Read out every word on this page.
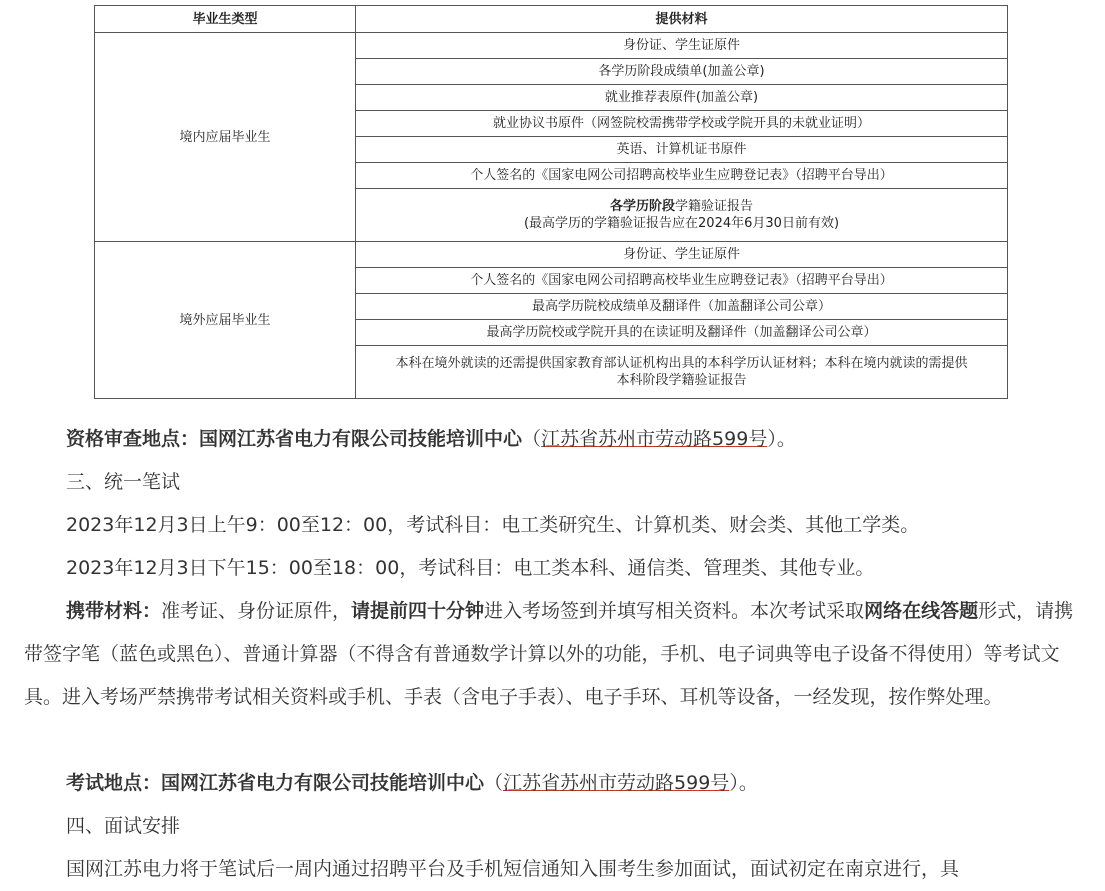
毕业生类型	提供材料
境内应届毕业生	身份证、学生证原件
	各学历阶段成绩单(加盖公章)
	就业推荐表原件(加盖公章)
	就业协议书原件（网签院校需携带学校或学院开具的未就业证明）
	英语、计算机证书原件
	个人签名的《国家电网公司招聘高校毕业生应聘登记表》（招聘平台导出）

	各学历阶段学籍验证报告
(最高学历的学籍验证报告应在2024年6月30日前有效)

境外应届毕业生	身份证、学生证原件
	个人签名的《国家电网公司招聘高校毕业生应聘登记表》（招聘平台导出）
	最高学历院校成绩单及翻译件（加盖翻译公司公章）
	最高学历院校或学院开具的在读证明及翻译件（加盖翻译公司公章）

	本科在境外就读的还需提供国家教育部认证机构出具的本科学历认证材料；本科在境内就读的需提供
本科阶段学籍验证报告
资格审查地点：国网江苏省电力有限公司技能培训中心（江苏省苏州市劳动路599号）。
三、统一笔试
2023年12月3日上午9：00至12：00，考试科目：电工类研究生、计算机类、财会类、其他工学类。
2023年12月3日下午15：00至18：00，考试科目：电工类本科、通信类、管理类、其他专业。
携带材料：准考证、身份证原件，请提前四十分钟进入考场签到并填写相关资料。本次考试采取网络在线答题形式，请携带签字笔（蓝色或黑色）、普通计算器（不得含有普通数学计算以外的功能，手机、电子词典等电子设备不得使用）等考试文具。进入考场严禁携带考试相关资料或手机、手表（含电子手表）、电子手环、耳机等设备，一经发现，按作弊处理。
考试地点：国网江苏省电力有限公司技能培训中心（江苏省苏州市劳动路599号）。
四、面试安排
国网江苏电力将于笔试后一周内通过招聘平台及手机短信通知入围考生参加面试，面试初定在南京进行，具
